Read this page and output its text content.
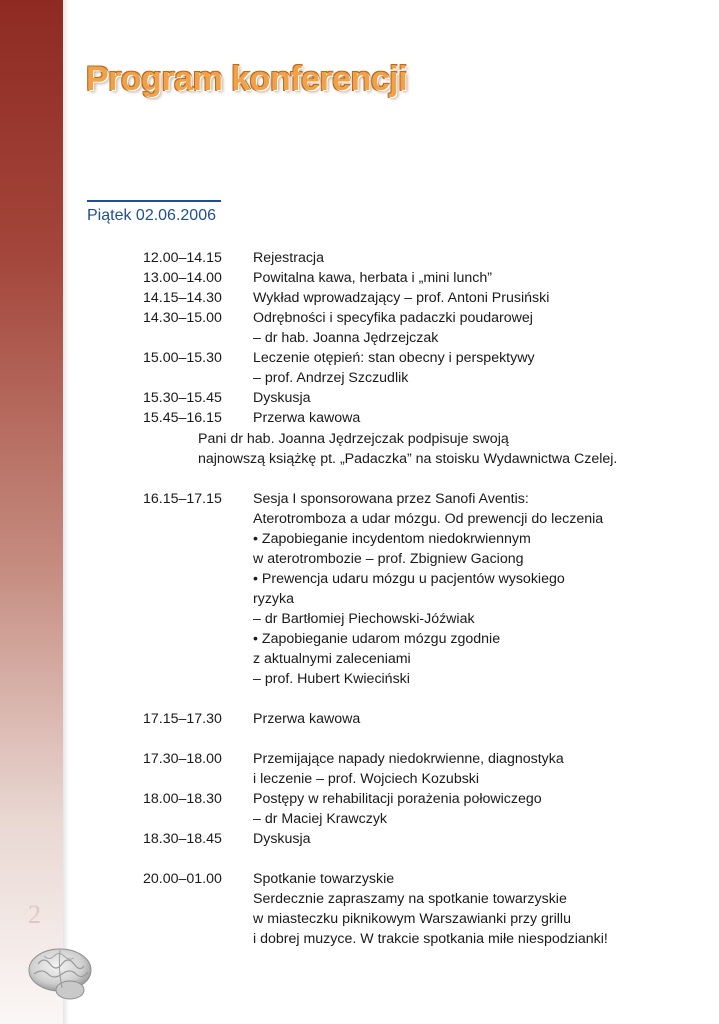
2
Program konferencji
Piątek 02.06.2006
12.00–14.15	Rejestracja
13.00–14.00	Powitalna kawa, herbata i „mini lunch”
14.15–14.30	Wykład wprowadzający – prof. Antoni Prusiński
14.30–15.00	Odrębności i specyfika padaczki poudarowej
– dr hab. Joanna Jędrzejczak
15.00–15.30	Leczenie otępień: stan obecny i perspektywy
– prof. Andrzej Szczudlik
15.30–15.45	Dyskusja
15.45–16.15	Przerwa kawowa
Pani dr hab. Joanna Jędrzejczak podpisuje swoją
najnowszą książkę pt. „Padaczka” na stoisku Wydawnictwa Czelej.
16.15–17.15	Sesja I sponsorowana przez Sanofi Aventis:
Aterotromboza a udar mózgu. Od prewencji do leczenia
• Zapobieganie incydentom niedokrwiennym
w aterotrombozie – prof. Zbigniew Gaciong
• Prewencja udaru mózgu u pacjentów wysokiego
ryzyka
– dr Bartłomiej Piechowski-Jóźwiak
• Zapobieganie udarom mózgu zgodnie
z aktualnymi zaleceniami
– prof. Hubert Kwieciński
17.15–17.30	Przerwa kawowa
17.30–18.00	Przemijające napady niedokrwienne, diagnostyka
i leczenie – prof. Wojciech Kozubski
18.00–18.30	Postępy w rehabilitacji porażenia połowiczego
– dr Maciej Krawczyk
18.30–18.45	Dyskusja
20.00–01.00	Spotkanie towarzyskie
Serdecznie zapraszamy na spotkanie towarzyskie
w miasteczku piknikowym Warszawianki przy grillu
i dobrej muzyce. W trakcie spotkania miłe niespodzianki!
